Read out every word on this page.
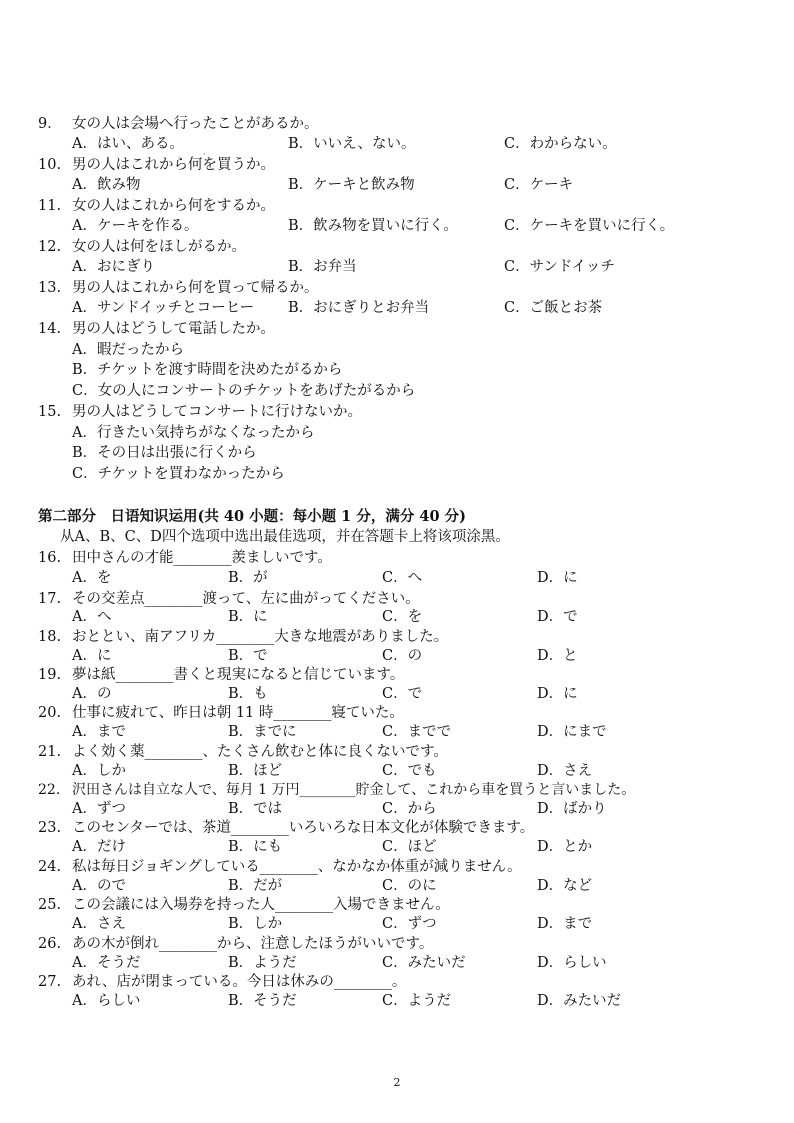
9． 女の人は会場へ行ったことがあるか。
A．はい、ある。	B．いいえ、ない。	C．わからない。
·
10. 男の人はこれから何を買うか。
A．飲み物	B．ケーキと飲み物	C．ケーキ
11. 女の人はこれから何をするか。
A．ケーキを作る。	B．飲み物を買いに行く。	C．ケーキを買いに行く。
12. 女の人は何をほしがるか。
A．おにぎり	B．お弁当	C．サンドイッチ
13. 男の人はこれから何を買って帰るか。
A．サンドイッチとコーヒー B．おにぎりとお弁当	C．ご飯とお茶
14. 男の人はどうして電話したか。
A．暇だったから
B．チケットを渡す時間を決めたがるから
C．女の人にコンサートのチケットをあげたがるから
15. 男の人はどうしてコンサートに行けないか。
A．行きたい気持ちがなくなったから
B．その日は出張に行くから
C．チケットを買わなかったから
第二部分　日语知识运用(共 40 小题：每小题 1 分，满分 40 分)
从A、B、C、D四个选项中选出最佳选项，并在答题卡上将该项涂黑。
16. 田中さんの才能________羨ましいです。
A．を	B．が	C．へ	D．に
17. その交差点________渡って、左に曲がってください。
A．へ	B．に	C．を	D．で
18. おととい、南アフリカ________大きな地震がありました。
A．に	B．で	C．の	D．と
19. 夢は紙________書くと現実になると信じています。
A．の	B．も	C．で	D．に
20. 仕事に疲れて、昨日は朝 11 時________寝ていた。
A．まで	B．までに	C．までで	D．にまで
21. よく効く薬________、たくさん飲むと体に良くないです。
A．しか	B．ほど	C．でも	D．さえ
22. 沢田さんは自立な人で、毎月 1 万円________貯金して、これから車を買うと言いました。
A．ずつ	B．では	C．から	D．ばかり
23. このセンターでは、茶道________いろいろな日本文化が体験できます。
A．だけ	B．にも	C．ほど	D．とか
24. 私は毎日ジョギングしている________、なかなか体重が減りません。
A．ので	B．だが	C．のに	D．など
25. この会議には入場券を持った人________入場できません。
A．さえ	B．しか	C．ずつ	D．まで
26. あの木が倒れ________から、注意したほうがいいです。
A．そうだ	B．ようだ	C．みたいだ	D．らしい
27. あれ、店が閉まっている。今日は休みの________。
A．らしい	B．そうだ	C．ようだ	D．みたいだ
2
